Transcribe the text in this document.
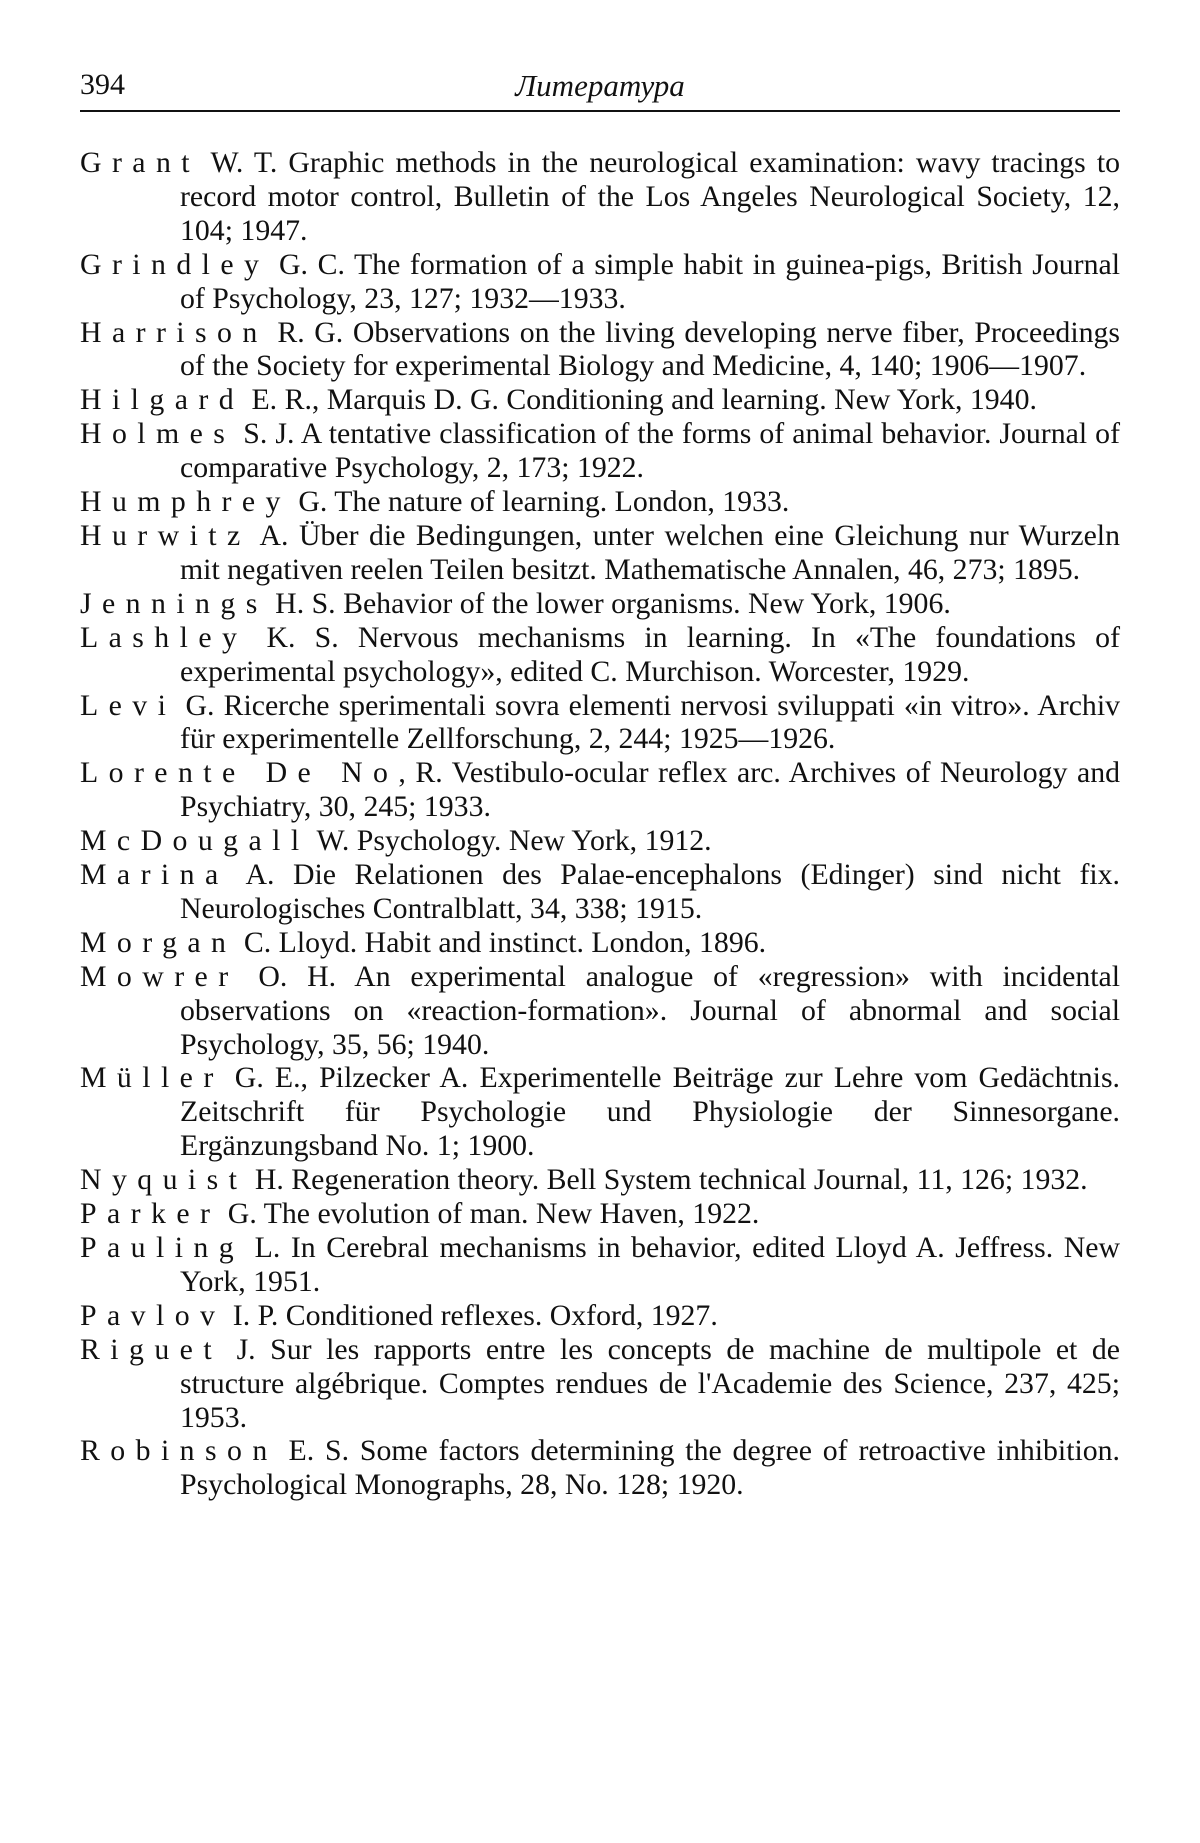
394	Литература
Grant W. T. Graphic methods in the neurological examination: wavy tracings to record motor control, Bulletin of the Los Angeles Neurological Society, 12, 104; 1947.
Grindley G. C. The formation of a simple habit in guinea-pigs, British Journal of Psychology, 23, 127; 1932—1933.
Harrison R. G. Observations on the living developing nerve fiber, Proceedings of the Society for experimental Biology and Medicine, 4, 140; 1906—1907.
Hilgard E. R., Marquis D. G. Conditioning and learning. New York, 1940.
Holmes S. J. A tentative classification of the forms of animal behavior. Journal of comparative Psychology, 2, 173; 1922.
Humphrey G. The nature of learning. London, 1933.
Hurwitz A. Über die Bedingungen, unter welchen eine Gleichung nur Wurzeln mit negativen reelen Teilen besitzt. Mathematische Annalen, 46, 273; 1895.
Jennings H. S. Behavior of the lower organisms. New York, 1906.
Lashley K. S. Nervous mechanisms in learning. In «The foundations of experimental psychology», edited C. Murchison. Worcester, 1929.
Levi G. Ricerche sperimentali sovra elementi nervosi sviluppati «in vitro». Archiv für experimentelle Zellforschung, 2, 244; 1925—1926.
Lorente De No, R. Vestibulo-ocular reflex arc. Archives of Neurology and Psychiatry, 30, 245; 1933.
McDougall W. Psychology. New York, 1912.
Marina A. Die Relationen des Palae-encephalons (Edinger) sind nicht fix. Neurologisches Contralblatt, 34, 338; 1915.
Morgan C. Lloyd. Habit and instinct. London, 1896.
Mowrer O. H. An experimental analogue of «regression» with incidental observations on «reaction-formation». Journal of abnormal and social Psychology, 35, 56; 1940.
Müller G. E., Pilzecker A. Experimentelle Beiträge zur Lehre vom Gedächtnis. Zeitschrift für Psychologie und Physiologie der Sinnesorgane. Ergänzungsband No. 1; 1900.
Nyquist H. Regeneration theory. Bell System technical Journal, 11, 126; 1932.
Parker G. The evolution of man. New Haven, 1922.
Pauling L. In Cerebral mechanisms in behavior, edited Lloyd A. Jeffress. New York, 1951.
Pavlov I. P. Conditioned reflexes. Oxford, 1927.
Riguet J. Sur les rapports entre les concepts de machine de multipole et de structure algébrique. Comptes rendues de l'Academie des Science, 237, 425; 1953.
Robinson E. S. Some factors determining the degree of retroactive inhibition. Psychological Monographs, 28, No. 128; 1920.
